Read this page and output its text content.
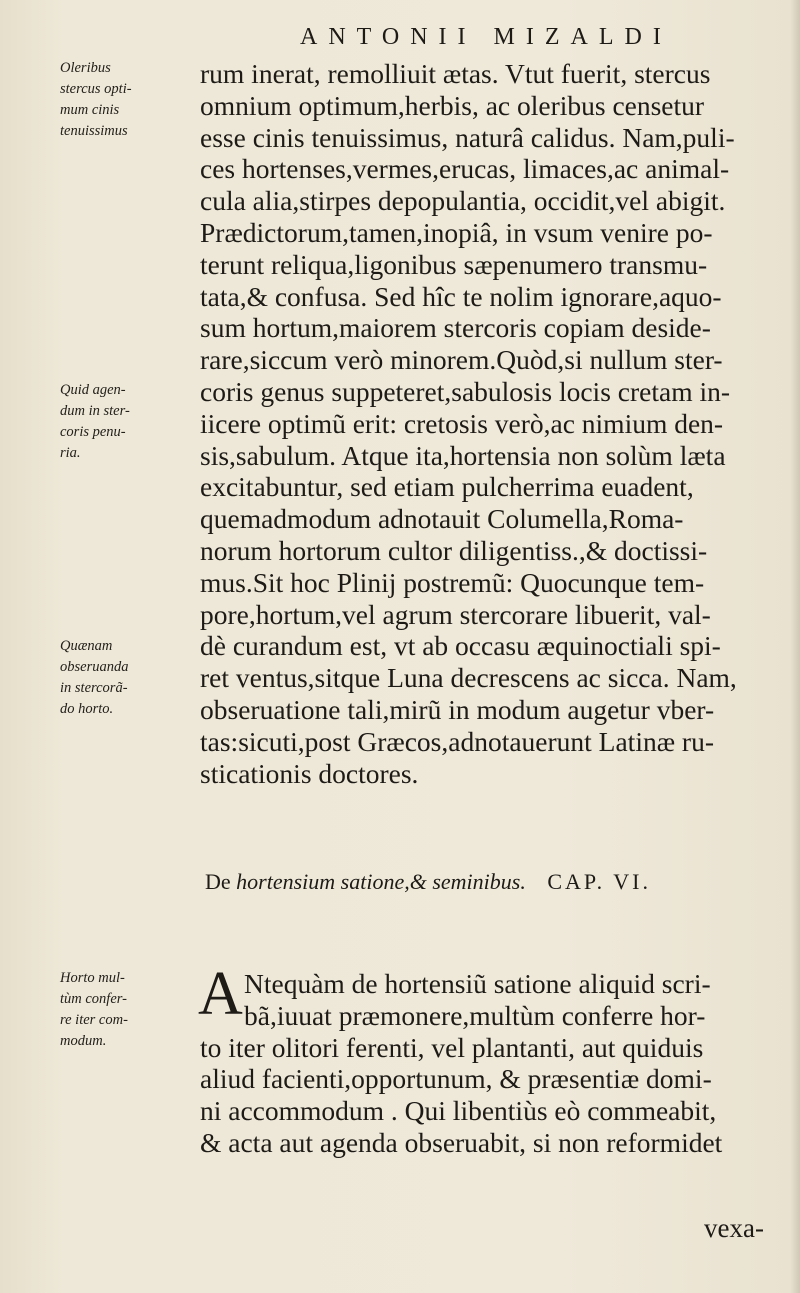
ANTONII MIZALDI
Oleribus
stercus opti-
mum cinis
tenuissimus
Quid agen-
dum in ster-
coris penu-
ria.
Quænam
obseruanda
in stercorã-
do horto.
Horto mul-
tùm confer-
re iter com-
modum.
rum inerat, remolliuit ætas. Vtut fuerit, stercus
omnium optimum,herbis, ac oleribus censetur
esse cinis tenuissimus, naturâ calidus. Nam,puli-
ces hortenses,vermes,erucas, limaces,ac animal-
cula alia,stirpes depopulantia, occidit,vel abigit.
Prædictorum,tamen,inopiâ, in vsum venire po-
terunt reliqua,ligonibus sæpenumero transmu-
tata,& confusa. Sed hîc te nolim ignorare,aquo-
sum hortum,maiorem stercoris copiam deside-
rare,siccum verò minorem.Quòd,si nullum ster-
coris genus suppeteret,sabulosis locis cretam in-
iicere optimũ erit: cretosis verò,ac nimium den-
sis,sabulum. Atque ita,hortensia non solùm læta
excitabuntur, sed etiam pulcherrima euadent,
quemadmodum adnotauit Columella,Roma-
norum hortorum cultor diligentiss.,& doctissi-
mus.Sit hoc Plinij postremũ: Quocunque tem-
pore,hortum,vel agrum stercorare libuerit, val-
dè curandum est, vt ab occasu æquinoctiali spi-
ret ventus,sitque Luna decrescens ac sicca. Nam,
obseruatione tali,mirũ in modum augetur vber-
tas:sicuti,post Græcos,adnotauerunt Latinæ ru-
sticationis doctores.
De hortensium satione,& seminibus. CAP. VI.
A Ntequàm de hortensiũ satione aliquid scri-
bã,iuuat præmonere,multùm conferre hor-
to iter olitori ferenti, vel plantanti, aut quiduis
aliud facienti,opportunum, & præsentiæ domi-
ni accommodum . Qui libentiùs eò commeabit,
& acta aut agenda obseruabit, si non reformidet
vexa-
